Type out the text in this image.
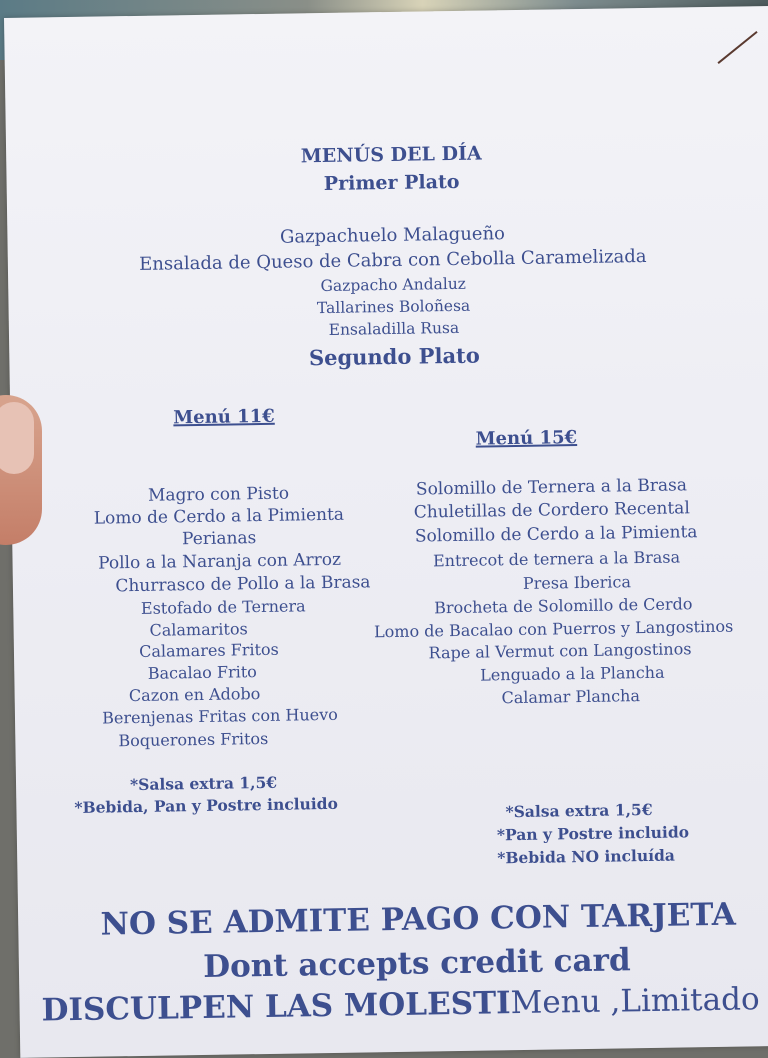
MENÚS DEL DÍA
Primer Plato
Gazpachuelo Malagueño
Ensalada de Queso de Cabra con Cebolla Caramelizada
Gazpacho Andaluz
Tallarines Boloñesa
Ensaladilla Rusa
Segundo Plato
Menú 11€
Magro con Pisto
Lomo de Cerdo a la Pimienta
Perianas
Pollo a la Naranja con Arroz
Churrasco de Pollo a la Brasa
Estofado de Ternera
Calamaritos
Calamares Fritos
Bacalao Frito
Cazon en Adobo
Berenjenas Fritas con Huevo
Boquerones Fritos
*Salsa extra 1,5€
*Bebida, Pan y Postre incluido
Menú 15€
Solomillo de Ternera a la Brasa
Chuletillas de Cordero Recental
Solomillo de Cerdo a la Pimienta
Entrecot de ternera a la Brasa
Presa Iberica
Brocheta de Solomillo de Cerdo
Lomo de Bacalao con Puerros y Langostinos
Rape al Vermut con Langostinos
Lenguado a la Plancha
Calamar Plancha
*Salsa extra 1,5€
*Pan y Postre incluido
*Bebida NO incluída
NO SE ADMITE PAGO CON TARJETA
Dont accepts credit card
DISCULPEN LAS MOLESTIMenu ,Limitado
